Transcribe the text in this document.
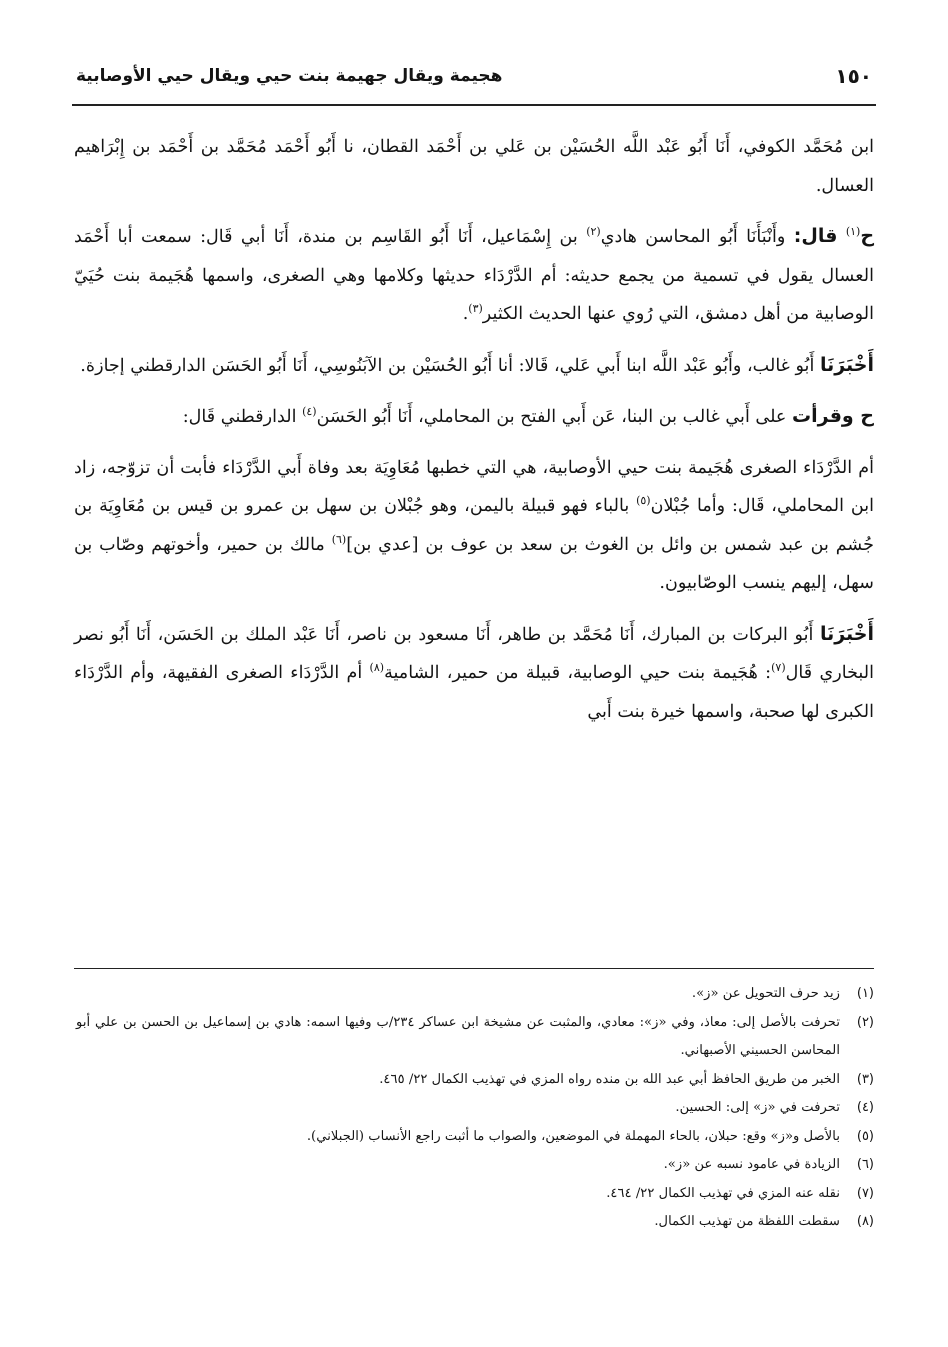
١٥٠
هجيمة ويقال جهيمة بنت حيي ويقال حيي الأوصابية

ابن مُحَمَّد الكوفي، أَنَا أَبُو عَبْد اللَّه الحُسَيْن بن عَلي بن أَحْمَد القطان، نا أَبُو أَحْمَد مُحَمَّد بن أَحْمَد بن إِبْرَاهيم العسال.

ح$^{(١)}$ قال: وأَنْبَأَنَا أَبُو المحاسن هادي$^{(٢)}$ بن إِسْمَاعيل، أَنَا أَبُو القَاسِم بن مندة، أَنَا أبي قَال: سمعت أبا أَحْمَد العسال يقول في تسمية من يجمع حديثه: أم الدَّرْدَاء حديثها وكلامها وهي الصغرى، واسمها هُجَيمة بنت حُيَيّ الوصابية من أهل دمشق، التي رُوي عنها الحديث الكثير$^{(٣)}$.

أَخْبَرَنَا أَبُو غالب، وأَبُو عَبْد اللَّه ابنا أَبي عَلي، قَالا: أنا أَبُو الحُسَيْن بن الآبَنُوسِي، أَنَا أَبُو الحَسَن الدارقطني إجازة.

ح وقرأت على أَبي غالب بن البنا، عَن أَبي الفتح بن المحاملي، أَنَا أَبُو الحَسَن$^{(٤)}$ الدارقطني قَال:

أم الدَّرْدَاء الصغرى هُجَيمة بنت حيي الأوصابية، هي التي خطبها مُعَاوِيَة بعد وفاة أَبي الدَّرْدَاء فأبت أن تزوّجه، زاد ابن المحاملي، قَال: وأما جُبْلان$^{(٥)}$ بالباء فهو قبيلة باليمن، وهو جُبْلان بن سهل بن عمرو بن قيس بن مُعَاوِيَة بن جُشم بن عبد شمس بن وائل بن الغوث بن سعد بن عوف بن [عدي بن]$^{(٦)}$ مالك بن حمير، وأخوتهم وصّاب بن سهل، إليهم ينسب الوصّابيون.

أَخْبَرَنَا أَبُو البركات بن المبارك، أَنَا مُحَمَّد بن طاهر، أَنَا مسعود بن ناصر، أَنَا عَبْد الملك بن الحَسَن، أَنَا أَبُو نصر البخاري قَال$^{(٧)}$: هُجَيمة بنت حيي الوصابية، قبيلة من حمير، الشامية$^{(٨)}$ أم الدَّرْدَاء الصغرى الفقيهة، وأم الدَّرْدَاء الكبرى لها صحبة، واسمها خيرة بنت أَبي

(١)
زيد حرف التحويل عن «ز».
(٢)
تحرفت بالأصل إلى: معاذ، وفي «ز»: معادي، والمثبت عن مشيخة ابن عساكر ٢٣٤/ب وفيها اسمه: هادي بن إسماعيل بن الحسن بن علي أبو المحاسن الحسيني الأصبهاني.
(٣)
الخبر من طريق الحافظ أبي عبد الله بن منده رواه المزي في تهذيب الكمال ٢٢/ ٤٦٥.
(٤)
تحرفت في «ز» إلى: الحسين.
(٥)
بالأصل و«ز» وقع: حبلان، بالحاء المهملة في الموضعين، والصواب ما أثبت راجع الأنساب (الجبلاني).
(٦)
الزيادة في عامود نسبه عن «ز».
(٧)
نقله عنه المزي في تهذيب الكمال ٢٢/ ٤٦٤.
(٨)
سقطت اللفظة من تهذيب الكمال.
